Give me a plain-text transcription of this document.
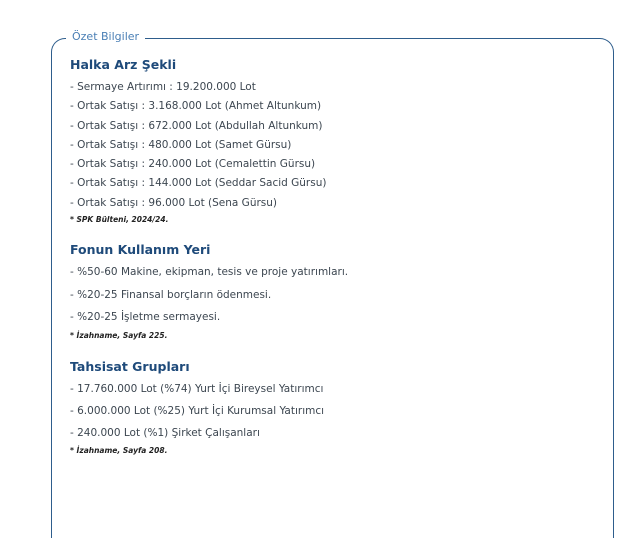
Özet Bilgiler
Halka Arz Şekli
- Sermaye Artırımı : 19.200.000 Lot
- Ortak Satışı : 3.168.000 Lot (Ahmet Altunkum)
- Ortak Satışı : 672.000 Lot (Abdullah Altunkum)
- Ortak Satışı : 480.000 Lot (Samet Gürsu)
- Ortak Satışı : 240.000 Lot (Cemalettin Gürsu)
- Ortak Satışı : 144.000 Lot (Seddar Sacid Gürsu)
- Ortak Satışı : 96.000 Lot (Sena Gürsu)
* SPK Bülteni, 2024/24.
Fonun Kullanım Yeri
- %50-60 Makine, ekipman, tesis ve proje yatırımları.
- %20-25 Finansal borçların ödenmesi.
- %20-25 İşletme sermayesi.
* İzahname, Sayfa 225.
Tahsisat Grupları
- 17.760.000 Lot (%74) Yurt İçi Bireysel Yatırımcı
- 6.000.000 Lot (%25) Yurt İçi Kurumsal Yatırımcı
- 240.000 Lot (%1) Şirket Çalışanları
* İzahname, Sayfa 208.
